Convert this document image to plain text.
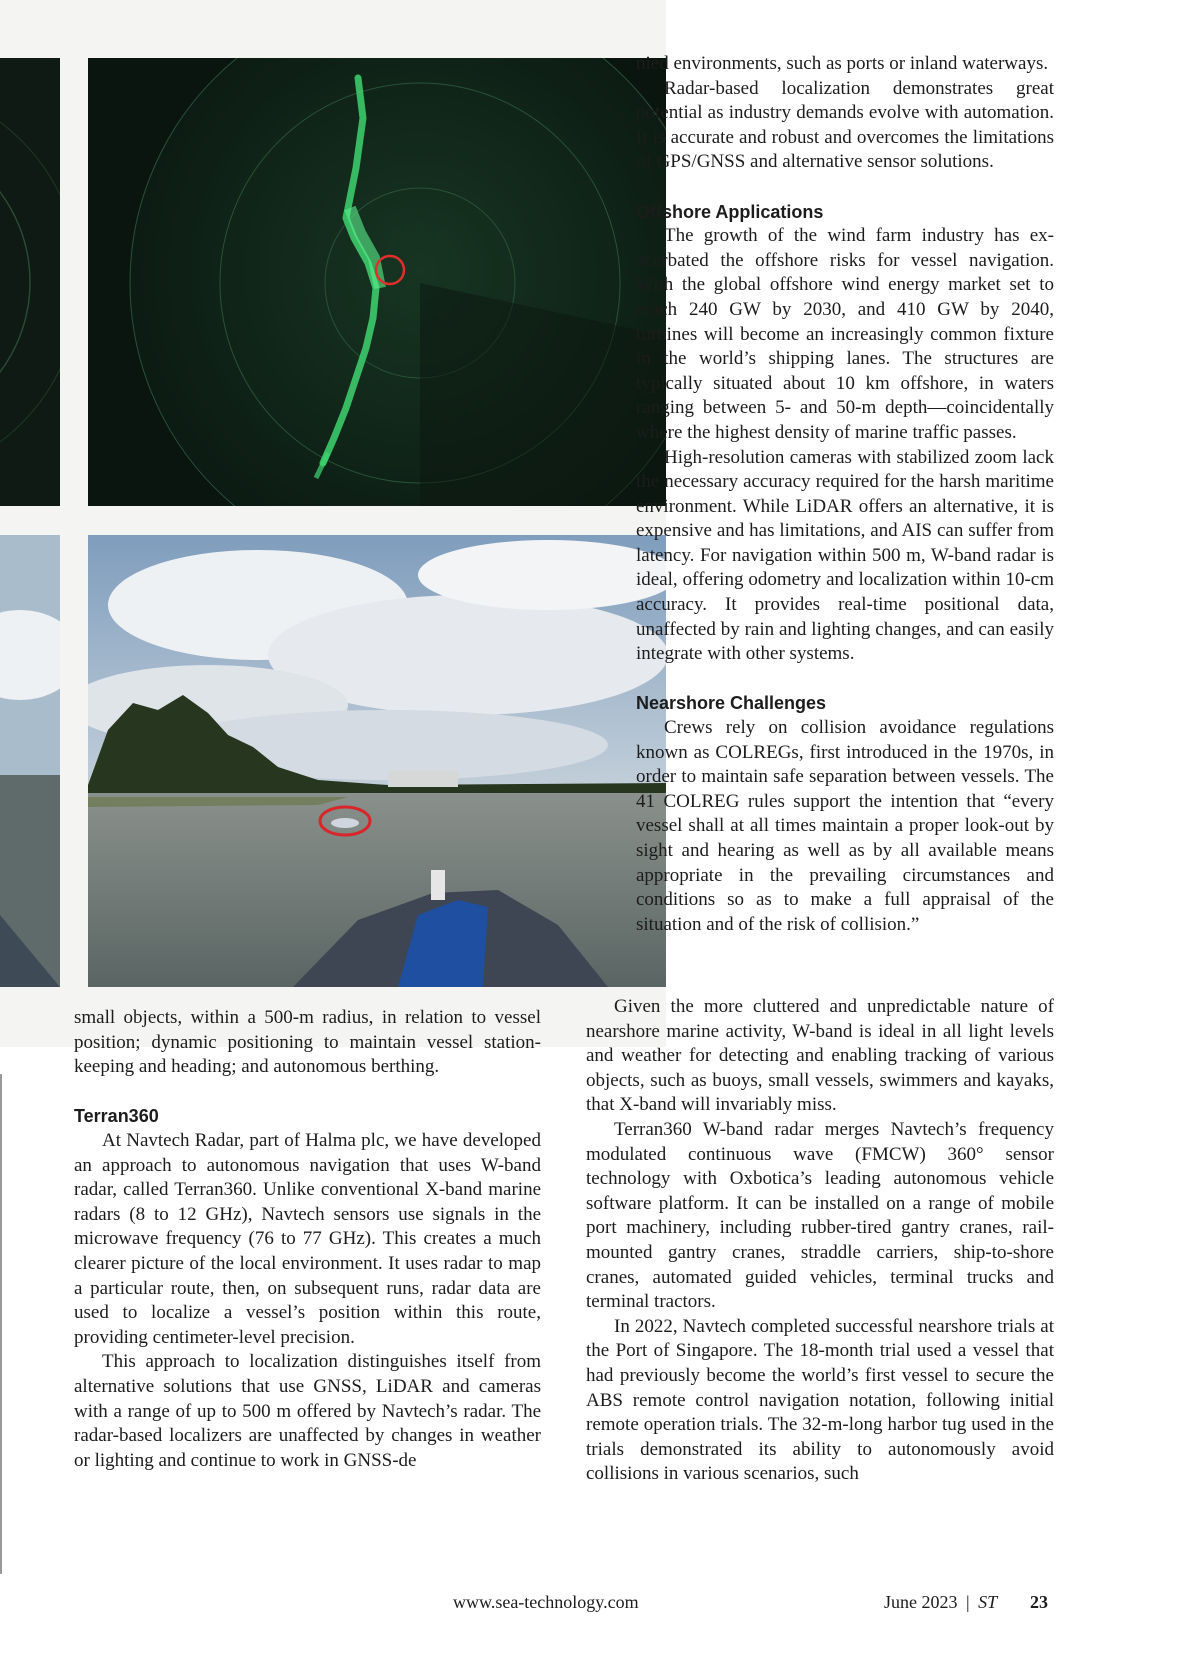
nied environments, such as ports or inland waterways.

Radar-based localization demonstrates great potential as industry demands evolve with automation. It is accurate and robust and overcomes the limitations of GPS/GNSS and alternative sensor solutions.

Offshore Applications

The growth of the wind farm industry has exacerbated the offshore risks for vessel navigation. With the global offshore wind energy market set to reach 240 GW by 2030, and 410 GW by 2040, turbines will become an increasingly common fixture in the world’s shipping lanes. The structures are typically situated about 10 km offshore, in waters ranging between 5- and 50-m depth—coincidentally where the highest density of marine traffic passes.

High-resolution cameras with stabilized zoom lack the necessary accuracy required for the harsh maritime environment. While LiDAR offers an alternative, it is expensive and has limitations, and AIS can suffer from latency. For navigation within 500 m, W-band radar is ideal, offering odometry and localization within 10-cm accuracy. It provides real-time positional data, unaffected by rain and lighting changes, and can easily integrate with other systems.

Nearshore Challenges

Crews rely on collision avoidance regulations known as COLREGs, first introduced in the 1970s, in order to maintain safe separation between vessels. The 41 COLREG rules support the intention that “every vessel shall at all times maintain a proper look-out by sight and hearing as well as by all available means appropriate in the prevailing circumstances and conditions so as to make a full appraisal of the situation and of the risk of collision.”

small objects, within a 500-m radius, in relation to vessel position; dynamic positioning to maintain vessel station-keeping and heading; and autonomous berthing.

Terran360

At Navtech Radar, part of Halma plc, we have developed an approach to autonomous navigation that uses W-band radar, called Terran360. Unlike conventional X-band marine radars (8 to 12 GHz), Navtech sensors use signals in the microwave frequency (76 to 77 GHz). This creates a much clearer picture of the local environment. It uses radar to map a particular route, then, on subsequent runs, radar data are used to localize a vessel’s position within this route, providing centimeter-level precision.

This approach to localization distinguishes itself from alternative solutions that use GNSS, LiDAR and cameras with a range of up to 500 m offered by Navtech’s radar. The radar-based localizers are unaffected by changes in weather or lighting and continue to work in GNSS-de

Given the more cluttered and unpredictable nature of nearshore marine activity, W-band is ideal in all light levels and weather for detecting and enabling tracking of various objects, such as buoys, small vessels, swimmers and kayaks, that X-band will invariably miss.

Terran360 W-band radar merges Navtech’s frequency modulated continuous wave (FMCW) 360° sensor technology with Oxbotica’s leading autonomous vehicle software platform. It can be installed on a range of mobile port machinery, including rubber-tired gantry cranes, rail-mounted gantry cranes, straddle carriers, ship-to-shore cranes, automated guided vehicles, terminal trucks and terminal tractors.

In 2022, Navtech completed successful nearshore trials at the Port of Singapore. The 18-month trial used a vessel that had previously become the world’s first vessel to secure the ABS remote control navigation notation, following initial remote operation trials. The 32-m-long harbor tug used in the trials demonstrated its ability to autonomously avoid collisions in various scenarios, such

www.sea-technology.com	June 2023 | ST 23
